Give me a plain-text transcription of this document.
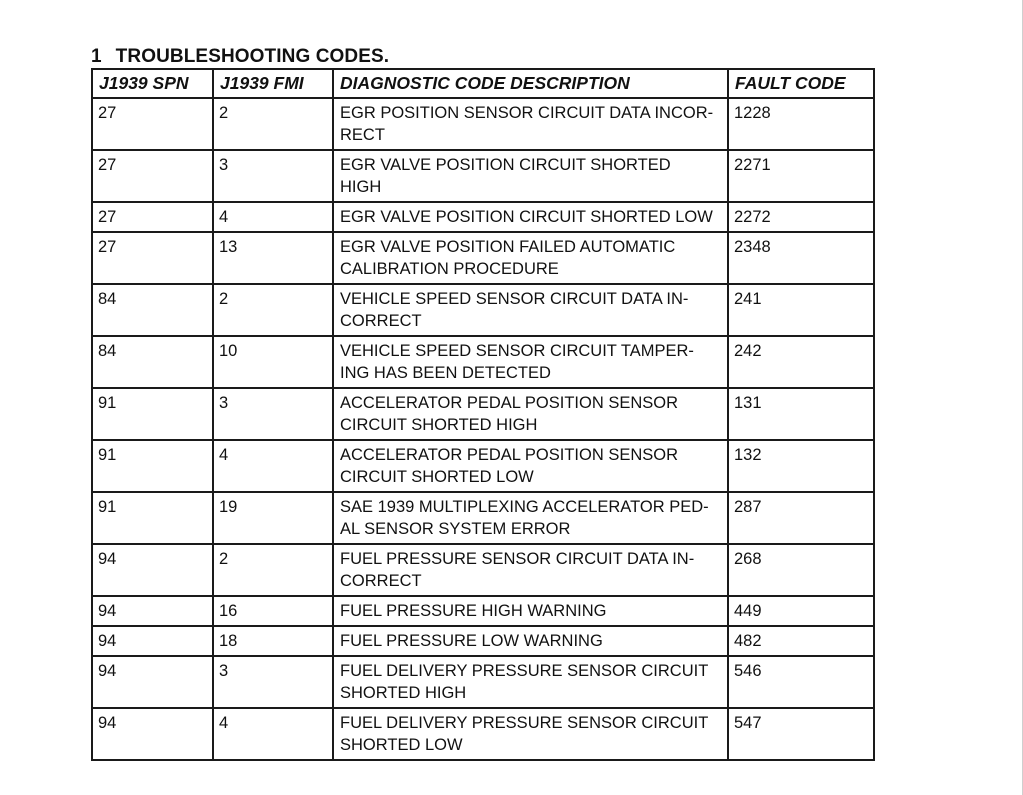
1 TROUBLESHOOTING CODES.
J1939 SPN	J1939 FMI	DIAGNOSTIC CODE DESCRIPTION	FAULT CODE
27	2	EGR POSITION SENSOR CIRCUIT DATA INCOR-
RECT	1228
27	3	EGR VALVE POSITION CIRCUIT SHORTED
HIGH	2271
27	4	EGR VALVE POSITION CIRCUIT SHORTED LOW	2272
27	13	EGR VALVE POSITION FAILED AUTOMATIC
CALIBRATION PROCEDURE	2348
84	2	VEHICLE SPEED SENSOR CIRCUIT DATA IN-
CORRECT	241
84	10	VEHICLE SPEED SENSOR CIRCUIT TAMPER-
ING HAS BEEN DETECTED	242
91	3	ACCELERATOR PEDAL POSITION SENSOR
CIRCUIT SHORTED HIGH	131
91	4	ACCELERATOR PEDAL POSITION SENSOR
CIRCUIT SHORTED LOW	132
91	19	SAE 1939 MULTIPLEXING ACCELERATOR PED-
AL SENSOR SYSTEM ERROR	287
94	2	FUEL PRESSURE SENSOR CIRCUIT DATA IN-
CORRECT	268
94	16	FUEL PRESSURE HIGH WARNING	449
94	18	FUEL PRESSURE LOW WARNING	482
94	3	FUEL DELIVERY PRESSURE SENSOR CIRCUIT
SHORTED HIGH	546
94	4	FUEL DELIVERY PRESSURE SENSOR CIRCUIT
SHORTED LOW	547
